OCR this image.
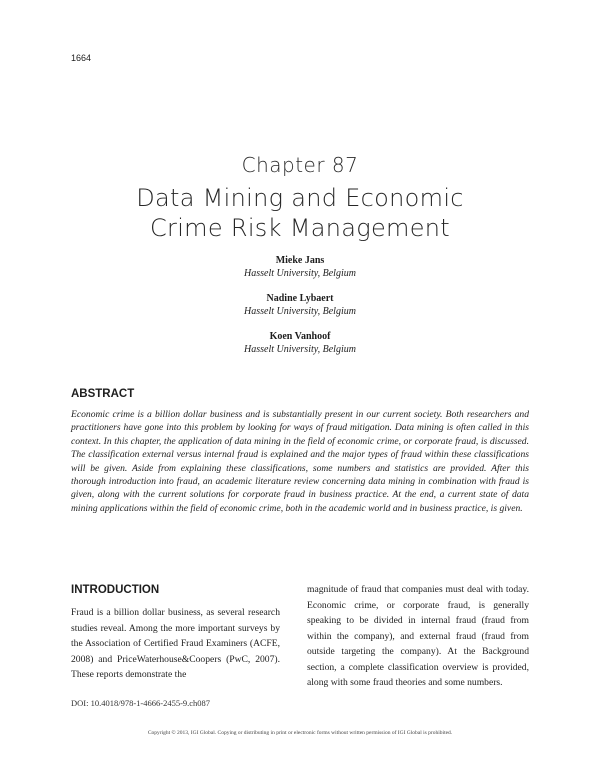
1664
Chapter 87
Data Mining and Economic
Crime Risk Management
Mieke Jans
Hasselt University, Belgium
Nadine Lybaert
Hasselt University, Belgium
Koen Vanhoof
Hasselt University, Belgium
ABSTRACT
Economic crime is a billion dollar business and is substantially present in our current society. Both researchers and practitioners have gone into this problem by looking for ways of fraud mitigation. Data mining is often called in this context. In this chapter, the application of data mining in the field of economic crime, or corporate fraud, is discussed. The classification external versus internal fraud is explained and the major types of fraud within these classifications will be given. Aside from explaining these classifications, some numbers and statistics are provided. After this thorough introduction into fraud, an academic literature review concerning data mining in combination with fraud is given, along with the current solutions for corporate fraud in business practice. At the end, a current state of data mining applications within the field of economic crime, both in the academic world and in business practice, is given.
INTRODUCTION
Fraud is a billion dollar business, as several research studies reveal. Among the more important surveys by the Association of Certified Fraud Examiners (ACFE, 2008) and PriceWaterhouse&Coopers (PwC, 2007). These reports demonstrate the
magnitude of fraud that companies must deal with today. Economic crime, or corporate fraud, is generally speaking to be divided in internal fraud (fraud from within the company), and external fraud (fraud from outside targeting the company). At the Background section, a complete classification overview is provided, along with some fraud theories and some numbers.
DOI: 10.4018/978-1-4666-2455-9.ch087
Copyright © 2013, IGI Global. Copying or distributing in print or electronic forms without written permission of IGI Global is prohibited.
